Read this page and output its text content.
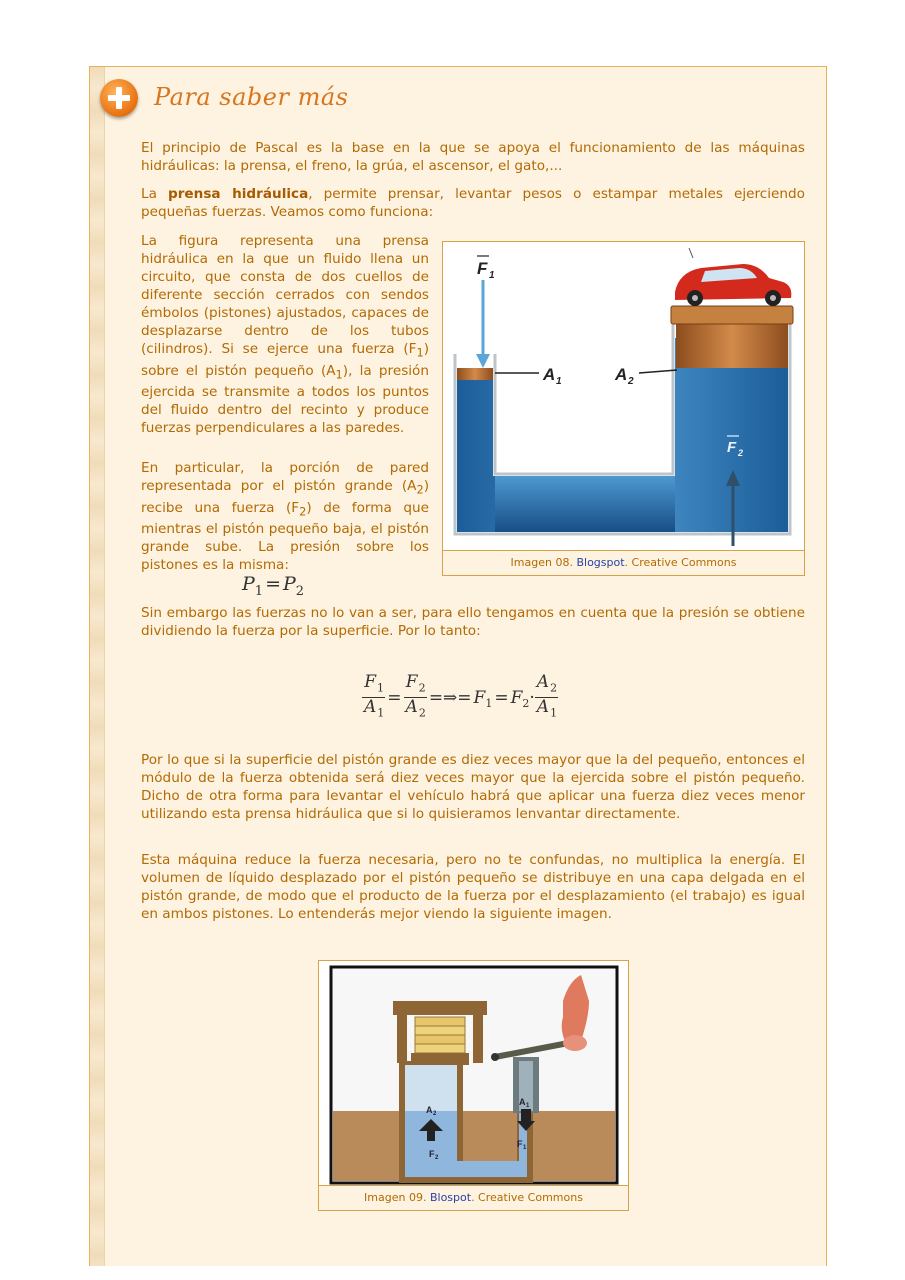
Para saber más

El principio de Pascal es la base en la que se apoya el funcionamiento de las máquinas hidráulicas: la prensa, el freno, la grúa, el ascensor, el gato,...

La prensa hidráulica, permite prensar, levantar pesos o estampar metales ejerciendo pequeñas fuerzas. Veamos como funciona:

La figura representa una prensa hidráulica en la que un fluido llena un circuito, que consta de dos cuellos de diferente sección cerrados con sendos émbolos (pistones) ajustados, capaces de desplazarse dentro de los tubos (cilindros). Si se ejerce una fuerza $(F_1)$ sobre el pistón pequeño $(A_1)$, la presión ejercida se transmite a todos los puntos del fluido dentro del recinto y produce fuerzas perpendiculares a las paredes.

En particular, la porción de pared representada por el pistón grande $(A_2)$ recibe una fuerza $(F_2)$ de forma que mientras el pistón pequeño baja, el pistón grande sube. La presión sobre los pistones es la misma:

$P_1 = P_2$
F 1
A 1	A 2
F 2
Imagen 08. Blogspot. Creative Commons

Sin embargo las fuerzas no lo van a ser, para ello tengamos en cuenta que la presión se obtiene dividiendo la fuerza por la superficie. Por lo tanto:

$\frac{F_1}{A_1} = \frac{F_2}{A_2}$ =⇒= $F_1 = F_2\cdot \frac{A_2}{A_1}$

Por lo que si la superficie del pistón grande es diez veces mayor que la del pequeño, entonces el módulo de la fuerza obtenida será diez veces mayor que la ejercida sobre el pistón pequeño. Dicho de otra forma para levantar el vehículo habrá que aplicar una fuerza diez veces menor utilizando esta prensa hidráulica que si lo quisieramos lenvantar directamente.

Esta máquina reduce la fuerza necesaria, pero no te confundas, no multiplica la energía. El volumen de líquido desplazado por el pistón pequeño se distribuye en una capa delgada en el pistón grande, de modo que el producto de la fuerza por el desplazamiento (el trabajo) es igual en ambos pistones. Lo entenderás mejor viendo la siguiente imagen.

A 2
F 2
A 1
F 1
Imagen 09. Blospot. Creative Commons
